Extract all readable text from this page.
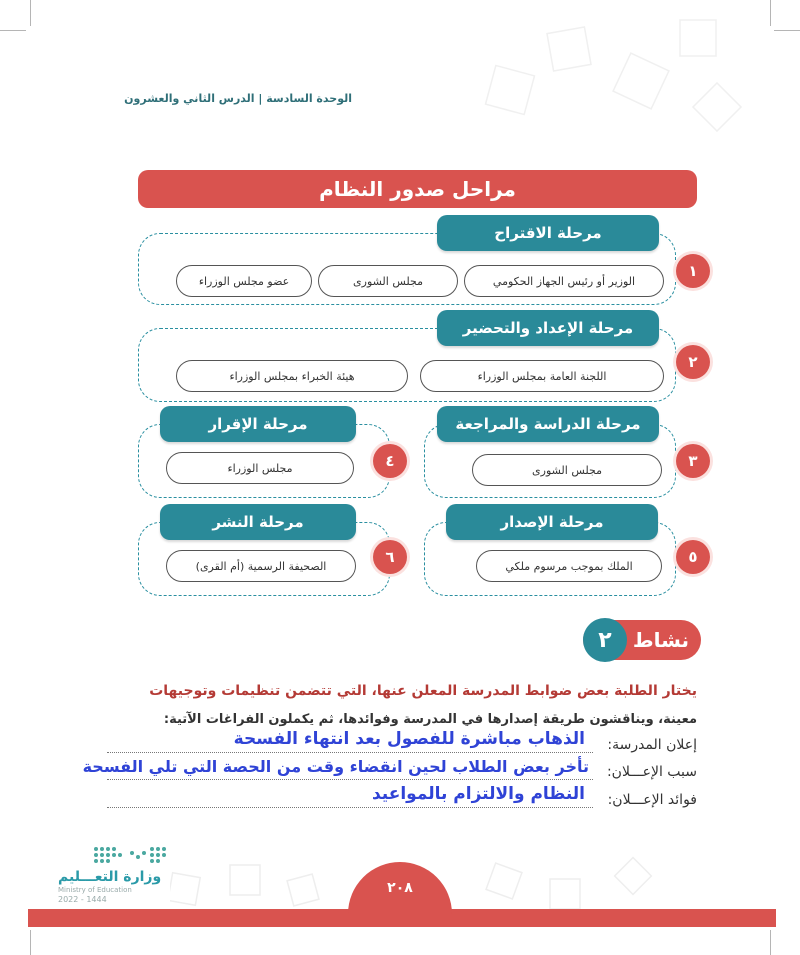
الوحدة السادسة | الدرس الثاني والعشرون
مراحل صدور النظام
مرحلة الاقتراح
١
الوزير أو رئيس الجهاز الحكومي
مجلس الشورى
عضو مجلس الوزراء
مرحلة الإعداد والتحضير
٢
اللجنة العامة بمجلس الوزراء
هيئة الخبراء بمجلس الوزراء
مرحلة الدراسة والمراجعة
٣
مجلس الشورى
مرحلة الإقرار
٤
مجلس الوزراء
مرحلة الإصدار
٥
الملك بموجب مرسوم ملكي
مرحلة النشر
٦
الصحيفة الرسمية (أم القرى)
نشاط
٢
يختار الطلبة بعض ضوابط المدرسة المعلن عنها، التي تتضمن تنظيمات وتوجيهات
معينة، ويناقشون طريقة إصدارها في المدرسة وفوائدها، ثم يكملون الفراغات الآتية:
إعلان المدرسة:
الذهاب مباشرة للفصول بعد انتهاء الفسحة
سبب الإعـــلان:
تأخر بعض الطلاب لحين انقضاء وقت من الحصة التي تلي الفسحة
فوائد الإعـــلان:
النظام والالتزام بالمواعيد
وزارة التعـــليم
Ministry of Education
2022 - 1444
٢٠٨
